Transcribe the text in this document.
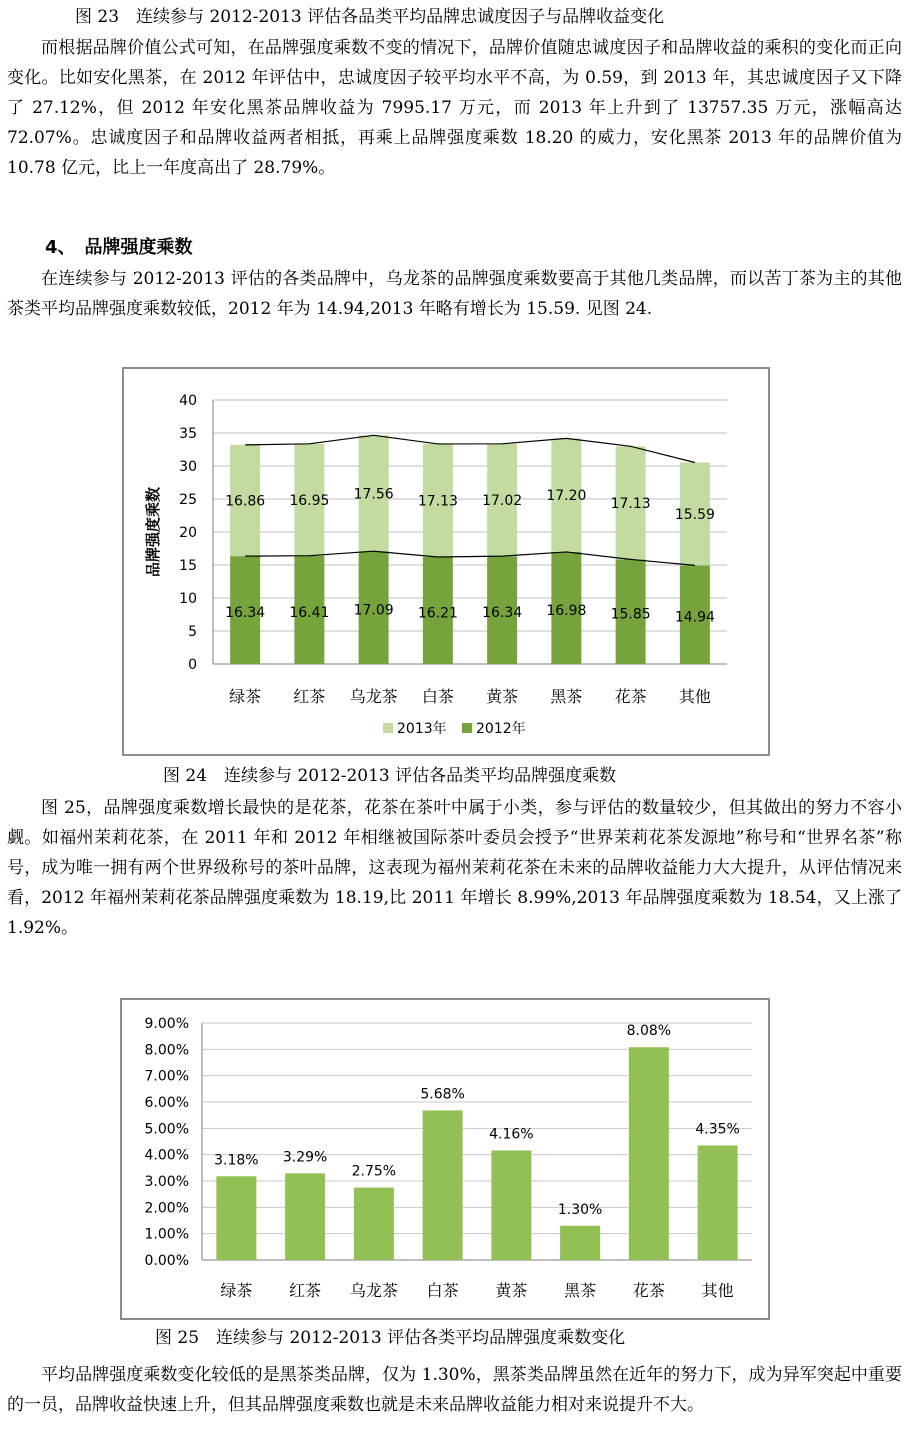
图 23　连续参与 2012-2013 评估各品类平均品牌忠诚度因子与品牌收益变化
而根据品牌价值公式可知，在品牌强度乘数不变的情况下，品牌价值随忠诚度因子和品牌收益的乘积的变化而正向变化。比如安化黑茶，在 2012 年评估中，忠诚度因子较平均水平不高，为 0.59，到 2013 年，其忠诚度因子又下降了 27.12%，但 2012 年安化黑茶品牌收益为 7995.17 万元，而 2013 年上升到了 13757.35 万元，涨幅高达 72.07%。忠诚度因子和品牌收益两者相抵，再乘上品牌强度乘数 18.20 的威力，安化黑茶 2013 年的品牌价值为 10.78 亿元，比上一年度高出了 28.79%。
4、　品牌强度乘数
在连续参与 2012-2013 评估的各类品牌中，乌龙茶的品牌强度乘数要高于其他几类品牌，而以苦丁茶为主的其他茶类平均品牌强度乘数较低，2012 年为 14.94,2013 年略有增长为 15.59. 见图 24.
0
5
10
15
20
25
30
35
40
16.34
16.86
绿茶
16.41
16.95
红茶
17.09
17.56
乌龙茶
16.21
17.13
白茶
16.34
17.02
黄茶
16.98
17.20
黑茶
15.85
17.13
花茶
14.94
15.59
其他
品牌强度乘数
2013年 2012年
图 24　连续参与 2012-2013 评估各品类平均品牌强度乘数
图 25，品牌强度乘数增长最快的是花茶，花茶在茶叶中属于小类，参与评估的数量较少，但其做出的努力不容小觑。如福州茉莉花茶，在 2011 年和 2012 年相继被国际茶叶委员会授予“世界茉莉花茶发源地”称号和“世界名茶”称号，成为唯一拥有两个世界级称号的茶叶品牌，这表现为福州茉莉花茶在未来的品牌收益能力大大提升，从评估情况来看，2012 年福州茉莉花茶品牌强度乘数为 18.19,比 2011 年增长 8.99%,2013 年品牌强度乘数为 18.54，又上涨了 1.92%。
0.00%
1.00%
2.00%
3.00%
4.00%
5.00%
6.00%
7.00%
8.00%
9.00%
3.18%
绿茶
3.29%
红茶
2.75%
乌龙茶
5.68%
白茶
4.16%
黄茶
1.30%
黑茶
8.08%
花茶
4.35%
其他
图 25　连续参与 2012-2013 评估各类平均品牌强度乘数变化
平均品牌强度乘数变化较低的是黑茶类品牌，仅为 1.30%，黑茶类品牌虽然在近年的努力下，成为异军突起中重要的一员，品牌收益快速上升，但其品牌强度乘数也就是未来品牌收益能力相对来说提升不大。
